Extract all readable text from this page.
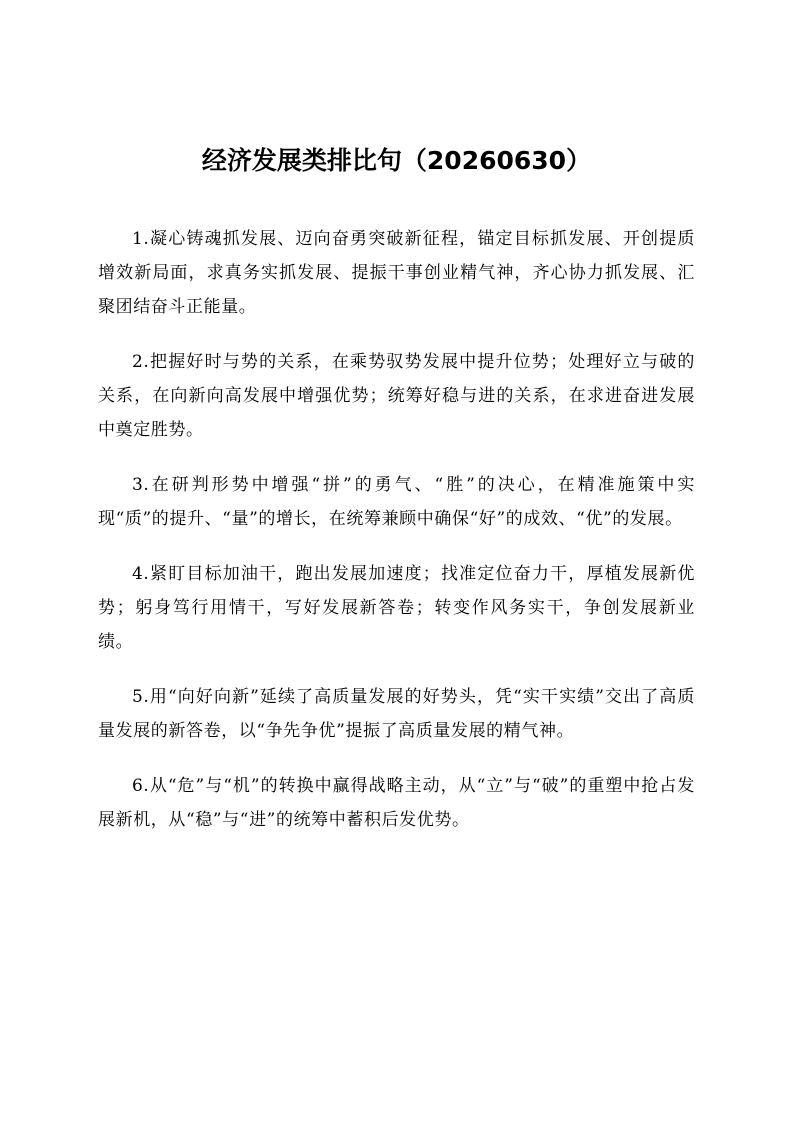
经济发展类排比句（20260630）

1.凝心铸魂抓发展、迈向奋勇突破新征程，锚定目标抓发展、开创提质增效新局面，求真务实抓发展、提振干事创业精气神，齐心协力抓发展、汇聚团结奋斗正能量。

2.把握好时与势的关系，在乘势驭势发展中提升位势；处理好立与破的关系，在向新向高发展中增强优势；统筹好稳与进的关系，在求进奋进发展中奠定胜势。

3.在研判形势中增强“拼”的勇气、“胜”的决心，在精准施策中实现“质”的提升、“量”的增长，在统筹兼顾中确保“好”的成效、“优”的发展。

4.紧盯目标加油干，跑出发展加速度；找准定位奋力干，厚植发展新优势；躬身笃行用情干，写好发展新答卷；转变作风务实干，争创发展新业绩。

5.用“向好向新”延续了高质量发展的好势头，凭“实干实绩”交出了高质量发展的新答卷，以“争先争优”提振了高质量发展的精气神。

6.从“危”与“机”的转换中赢得战略主动，从“立”与“破”的重塑中抢占发展新机，从“稳”与“进”的统筹中蓄积后发优势。
